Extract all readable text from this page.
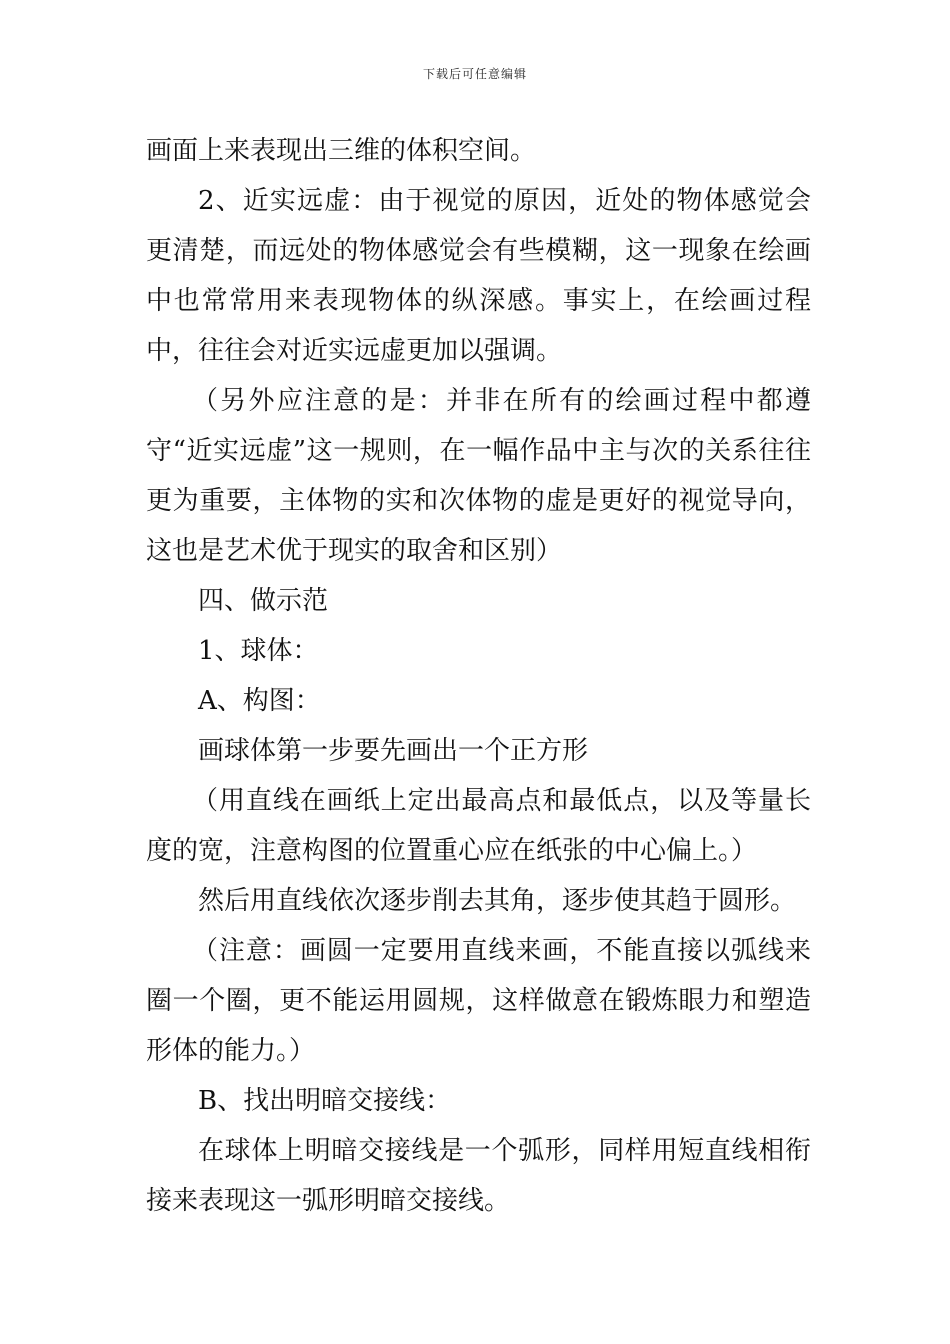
下载后可任意编辑

画面上来表现出三维的体积空间。

2、近实远虚：由于视觉的原因，近处的物体感觉会更清楚，而远处的物体感觉会有些模糊，这一现象在绘画中也常常用来表现物体的纵深感。事实上，在绘画过程中，往往会对近实远虚更加以强调。

（另外应注意的是：并非在所有的绘画过程中都遵守“近实远虚”这一规则，在一幅作品中主与次的关系往往更为重要，主体物的实和次体物的虚是更好的视觉导向，这也是艺术优于现实的取舍和区别）

四、做示范

1、球体：

A、构图：

画球体第一步要先画出一个正方形

（用直线在画纸上定出最高点和最低点，以及等量长度的宽，注意构图的位置重心应在纸张的中心偏上。）

然后用直线依次逐步削去其角，逐步使其趋于圆形。

（注意：画圆一定要用直线来画，不能直接以弧线来圈一个圈，更不能运用圆规，这样做意在锻炼眼力和塑造形体的能力。）

B、找出明暗交接线：

在球体上明暗交接线是一个弧形，同样用短直线相衔接来表现这一弧形明暗交接线。
